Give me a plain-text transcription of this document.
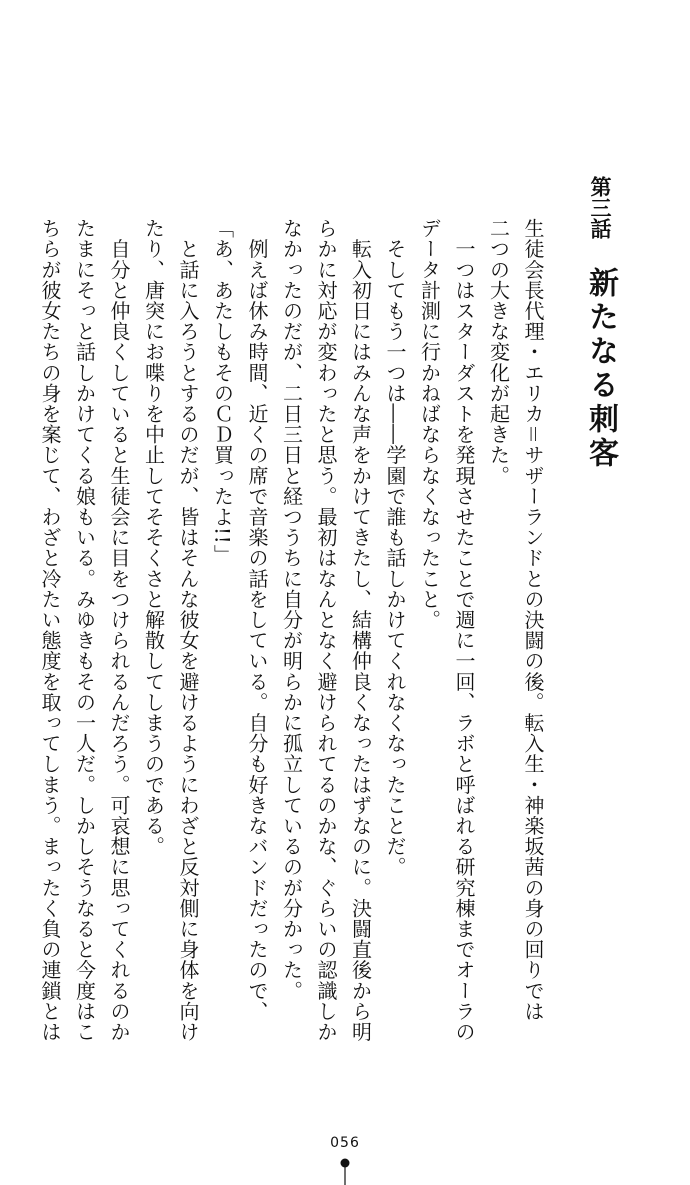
第三話 新たなる刺客
生徒会長代理・エリカ＝サザーランドとの決闘の後。転入生・神楽坂茜の身の回りでは
二つの大きな変化が起きた。
　一つはスターダストを発現させたことで週に一回、ラボと呼ばれる研究棟までオーラの
データ計測に行かねばならなくなったこと。
　そしてもう一つは――学園で誰も話しかけてくれなくなったことだ。
　転入初日にはみんな声をかけてきたし、結構仲良くなったはずなのに。決闘直後から明
らかに対応が変わったと思う。最初はなんとなく避けられてるのかな、ぐらいの認識しか
なかったのだが、二日三日と経つうちに自分が明らかに孤立しているのが分かった。
　例えば休み時間、近くの席で音楽の話をしている。自分も好きなバンドだったので、
「あ、あたしもそのＣＤ買ったよ!!」
　と話に入ろうとするのだが、皆はそんな彼女を避けるようにわざと反対側に身体を向け
たり、唐突にお喋りを中止してそそくさと解散してしまうのである。
　自分と仲良くしていると生徒会に目をつけられるんだろう。可哀想に思ってくれるのか
たまにそっと話しかけてくる娘もいる。みゆきもその一人だ。しかしそうなると今度はこ
ちらが彼女たちの身を案じて、わざと冷たい態度を取ってしまう。まったく負の連鎖とは
056
